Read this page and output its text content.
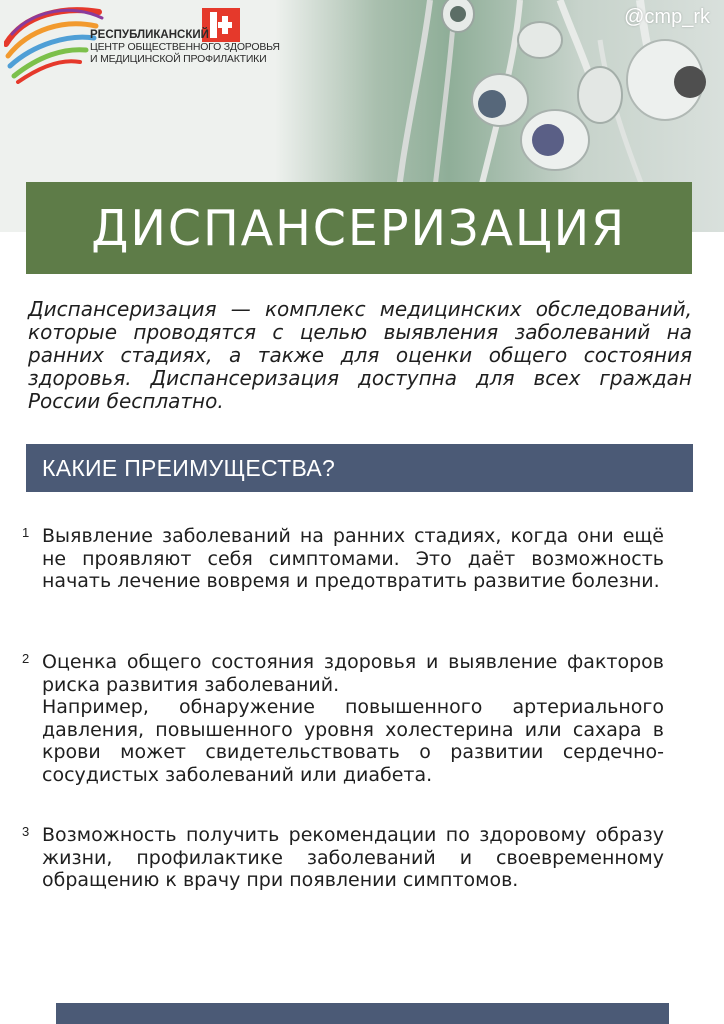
РЕСПУБЛИКАНСКИЙ
ЦЕНТР ОБЩЕСТВЕННОГО ЗДОРОВЬЯ
И МЕДИЦИНСКОЙ ПРОФИЛАКТИКИ
@cmp_rk
ДИСПАНСЕРИЗАЦИЯ

Диспансеризация — комплекс медицинских обследований, которые проводятся с целью выявления заболеваний на ранних стадиях, а также для оценки общего состояния здоровья. Диспансеризация доступна для всех граждан России бесплатно.

КАКИЕ ПРЕИМУЩЕСТВА?
1 Выявление заболеваний на ранних стадиях, когда они ещё не проявляют себя симптомами. Это даёт возможность начать лечение вовремя и предотвратить развитие болезни.

2 Оценка общего состояния здоровья и выявление факторов риска развития заболеваний.

Например, обнаружение повышенного артериального давления, повышенного уровня холестерина или сахара в крови может свидетельствовать о развитии сердечно-сосудистых заболеваний или диабета.

3 Возможность получить рекомендации по здоровому образу жизни, профилактике заболеваний и своевременному обращению к врачу при появлении симптомов.
